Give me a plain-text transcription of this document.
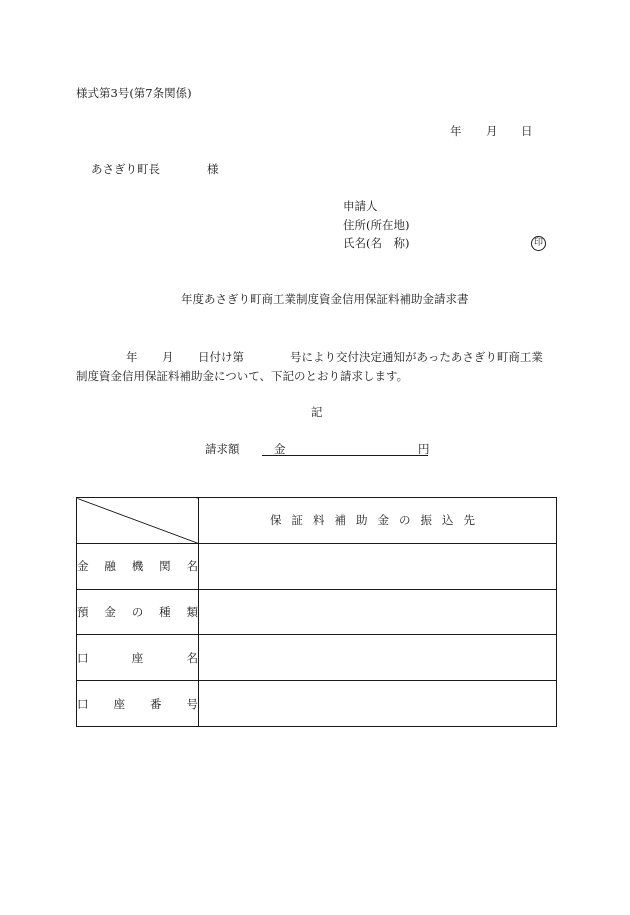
様式第3号(第7条関係)
年 月 日
あさぎり町長	様
申請人
住所(所在地)
氏名(名　称)	印
年度あさぎり町商工業制度資金信用保証料補助金請求書
年 月 日付け第	号により交付決定通知があったあさぎり町商工業
制度資金信用保証料補助金について、下記のとおり請求します。
記
請求額	金	円
	保証料補助金の振込先

金 融 機 関 名	

預 金 の 種 類	

口 座 名	

口 座 番 号	
